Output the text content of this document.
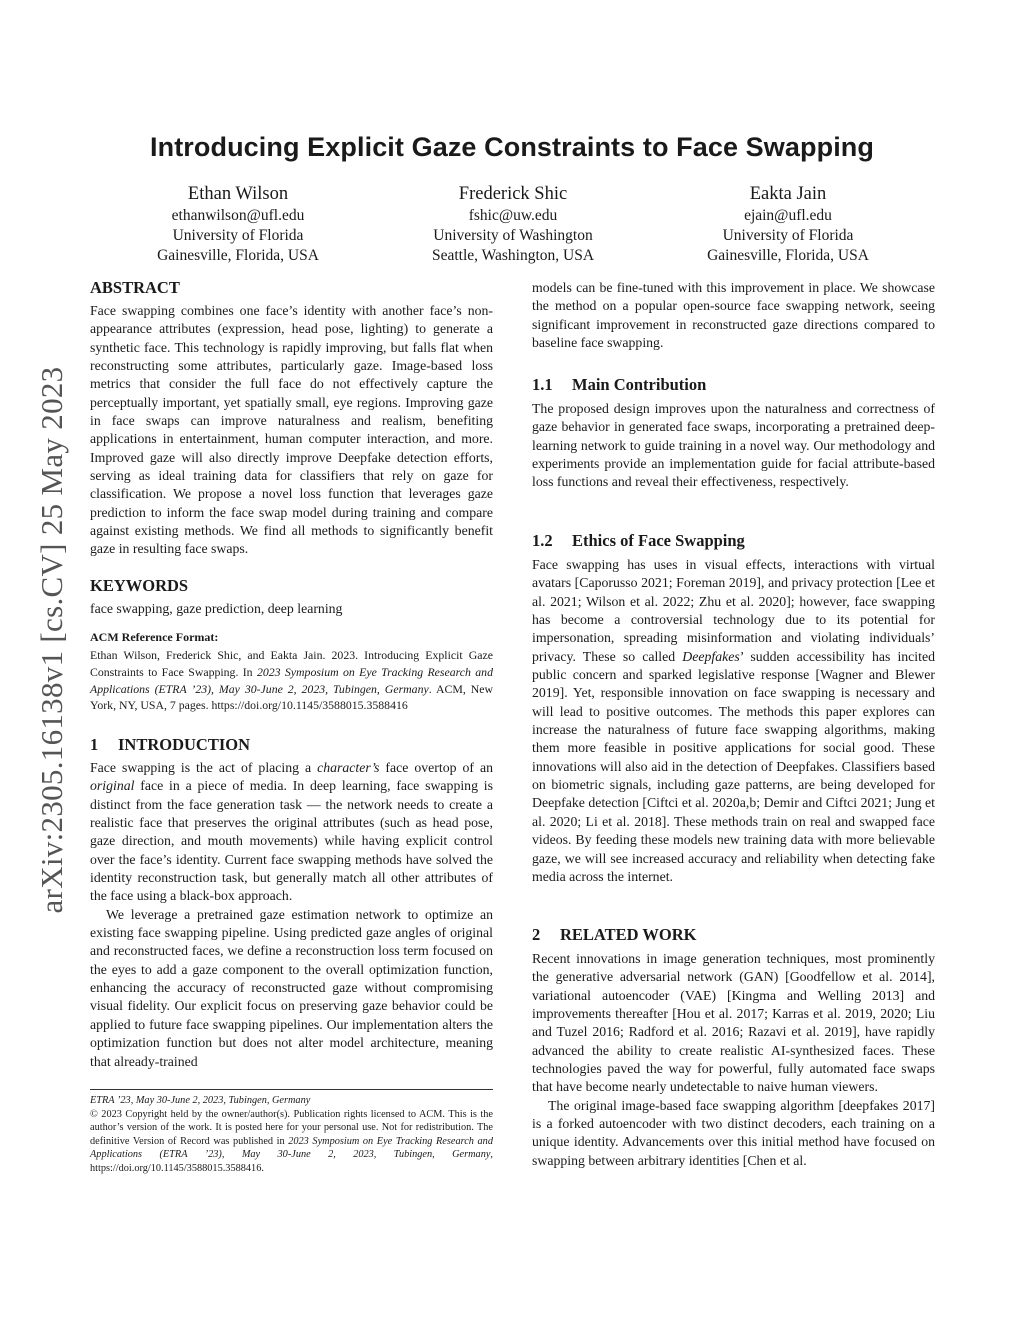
Introducing Explicit Gaze Constraints to Face Swapping
Ethan Wilson
ethanwilson@ufl.edu
University of Florida
Gainesville, Florida, USA
Frederick Shic
fshic@uw.edu
University of Washington
Seattle, Washington, USA
Eakta Jain
ejain@ufl.edu
University of Florida
Gainesville, Florida, USA
arXiv:2305.16138v1 [cs.CV] 25 May 2023
ABSTRACT

Face swapping combines one face’s identity with another face’s non-appearance attributes (expression, head pose, lighting) to generate a synthetic face. This technology is rapidly improving, but falls flat when reconstructing some attributes, particularly gaze. Image-based loss metrics that consider the full face do not effectively capture the perceptually important, yet spatially small, eye regions. Improving gaze in face swaps can improve naturalness and realism, benefiting applications in entertainment, human computer interaction, and more. Improved gaze will also directly improve Deepfake detection efforts, serving as ideal training data for classifiers that rely on gaze for classification. We propose a novel loss function that leverages gaze prediction to inform the face swap model during training and compare against existing methods. We find all methods to significantly benefit gaze in resulting face swaps.

KEYWORDS

face swapping, gaze prediction, deep learning

ACM Reference Format:
Ethan Wilson, Frederick Shic, and Eakta Jain. 2023. Introducing Explicit Gaze Constraints to Face Swapping. In 2023 Symposium on Eye Tracking Research and Applications (ETRA ’23), May 30-June 2, 2023, Tubingen, Germany. ACM, New York, NY, USA, 7 pages. https://doi.org/10.1145/3588015.3588416
1 INTRODUCTION

Face swapping is the act of placing a character’s face overtop of an original face in a piece of media. In deep learning, face swapping is distinct from the face generation task — the network needs to create a realistic face that preserves the original attributes (such as head pose, gaze direction, and mouth movements) while having explicit control over the face’s identity. Current face swapping methods have solved the identity reconstruction task, but generally match all other attributes of the face using a black-box approach.

We leverage a pretrained gaze estimation network to optimize an existing face swapping pipeline. Using predicted gaze angles of original and reconstructed faces, we define a reconstruction loss term focused on the eyes to add a gaze component to the overall optimization function, enhancing the accuracy of reconstructed gaze without compromising visual fidelity. Our explicit focus on preserving gaze behavior could be applied to future face swapping pipelines. Our implementation alters the optimization function but does not alter model architecture, meaning that already-trained

ETRA ’23, May 30-June 2, 2023, Tubingen, Germany
© 2023 Copyright held by the owner/author(s). Publication rights licensed to ACM. This is the author’s version of the work. It is posted here for your personal use. Not for redistribution. The definitive Version of Record was published in 2023 Symposium on Eye Tracking Research and Applications (ETRA ’23), May 30-June 2, 2023, Tubingen, Germany, https://doi.org/10.1145/3588015.3588416.

models can be fine-tuned with this improvement in place. We showcase the method on a popular open-source face swapping network, seeing significant improvement in reconstructed gaze directions compared to baseline face swapping.

1.1 Main Contribution

The proposed design improves upon the naturalness and correctness of gaze behavior in generated face swaps, incorporating a pretrained deep-learning network to guide training in a novel way. Our methodology and experiments provide an implementation guide for facial attribute-based loss functions and reveal their effectiveness, respectively.

1.2 Ethics of Face Swapping

Face swapping has uses in visual effects, interactions with virtual avatars [Caporusso 2021; Foreman 2019], and privacy protection [Lee et al. 2021; Wilson et al. 2022; Zhu et al. 2020]; however, face swapping has become a controversial technology due to its potential for impersonation, spreading misinformation and violating individuals’ privacy. These so called Deepfakes’ sudden accessibility has incited public concern and sparked legislative response [Wagner and Blewer 2019]. Yet, responsible innovation on face swapping is necessary and will lead to positive outcomes. The methods this paper explores can increase the naturalness of future face swapping algorithms, making them more feasible in positive applications for social good. These innovations will also aid in the detection of Deepfakes. Classifiers based on biometric signals, including gaze patterns, are being developed for Deepfake detection [Ciftci et al. 2020a,b; Demir and Ciftci 2021; Jung et al. 2020; Li et al. 2018]. These methods train on real and swapped face videos. By feeding these models new training data with more believable gaze, we will see increased accuracy and reliability when detecting fake media across the internet.

2 RELATED WORK

Recent innovations in image generation techniques, most prominently the generative adversarial network (GAN) [Goodfellow et al. 2014], variational autoencoder (VAE) [Kingma and Welling 2013] and improvements thereafter [Hou et al. 2017; Karras et al. 2019, 2020; Liu and Tuzel 2016; Radford et al. 2016; Razavi et al. 2019], have rapidly advanced the ability to create realistic AI-synthesized faces. These technologies paved the way for powerful, fully automated face swaps that have become nearly undetectable to naive human viewers.

The original image-based face swapping algorithm [deepfakes 2017] is a forked autoencoder with two distinct decoders, each training on a unique identity. Advancements over this initial method have focused on swapping between arbitrary identities [Chen et al.
